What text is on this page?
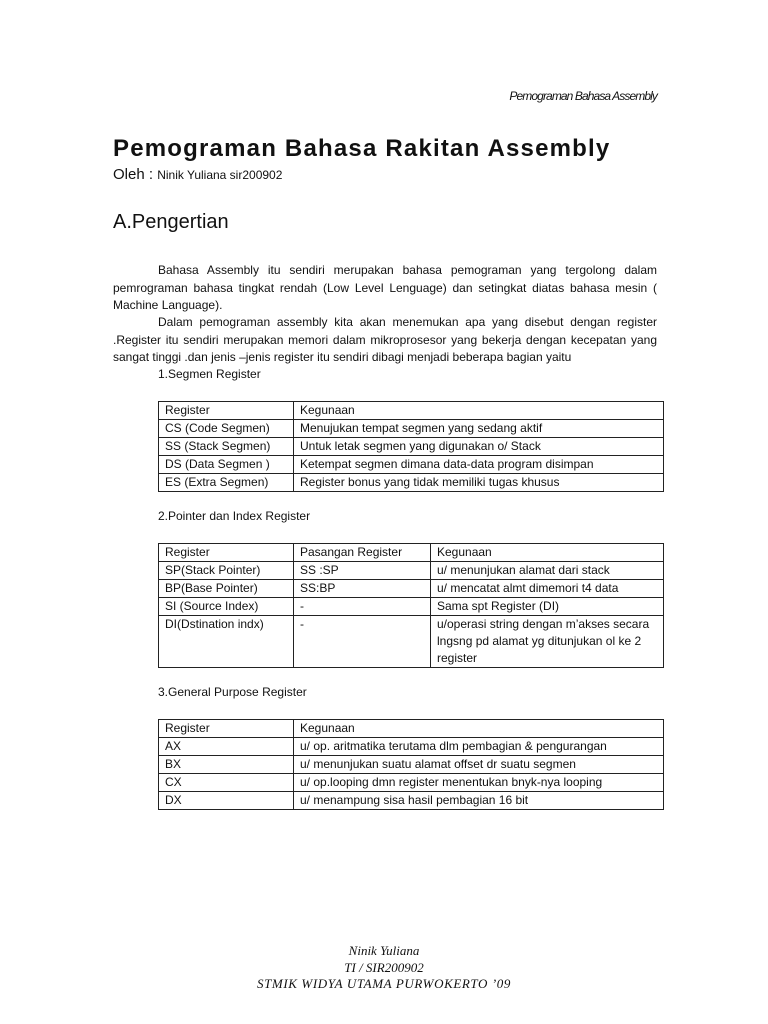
Pemograman Bahasa Assembly
Pemograman Bahasa Rakitan Assembly
Oleh : Ninik Yuliana sir200902
A.Pengertian

Bahasa Assembly itu sendiri merupakan bahasa pemograman yang tergolong dalam pemrograman bahasa tingkat rendah (Low Level Lenguage) dan setingkat diatas bahasa mesin ( Machine Language).

Dalam pemograman assembly kita akan menemukan apa yang disebut dengan register .Register itu sendiri merupakan memori dalam mikroprosesor yang bekerja dengan kecepatan yang sangat tinggi .dan jenis –jenis register itu sendiri dibagi menjadi beberapa bagian yaitu

1.Segmen Register
Register	Kegunaan
CS (Code Segmen)	Menujukan tempat segmen yang sedang aktif
SS (Stack Segmen)	Untuk letak segmen yang digunakan o/ Stack
DS (Data Segmen )	Ketempat segmen dimana data-data program disimpan
ES (Extra Segmen)	Register bonus yang tidak memiliki tugas khusus
2.Pointer dan Index Register
Register	Pasangan Register	Kegunaan
SP(Stack Pointer)	SS :SP	u/ menunjukan alamat dari stack
BP(Base Pointer)	SS:BP	u/ mencatat almt dimemori t4 data
SI (Source Index)	-	Sama spt Register (DI)
DI(Dstination indx)	-	u/operasi string dengan m’akses secara lngsng pd alamat yg ditunjukan ol ke 2 register
3.General Purpose Register
Register	Kegunaan
AX	u/ op. aritmatika terutama dlm pembagian & pengurangan
BX	u/ menunjukan suatu alamat offset dr suatu segmen
CX	u/ op.looping dmn register menentukan bnyk-nya looping
DX	u/ menampung sisa hasil pembagian 16 bit
Ninik Yuliana
TI / SIR200902
STMIK WIDYA UTAMA PURWOKERTO ’09
